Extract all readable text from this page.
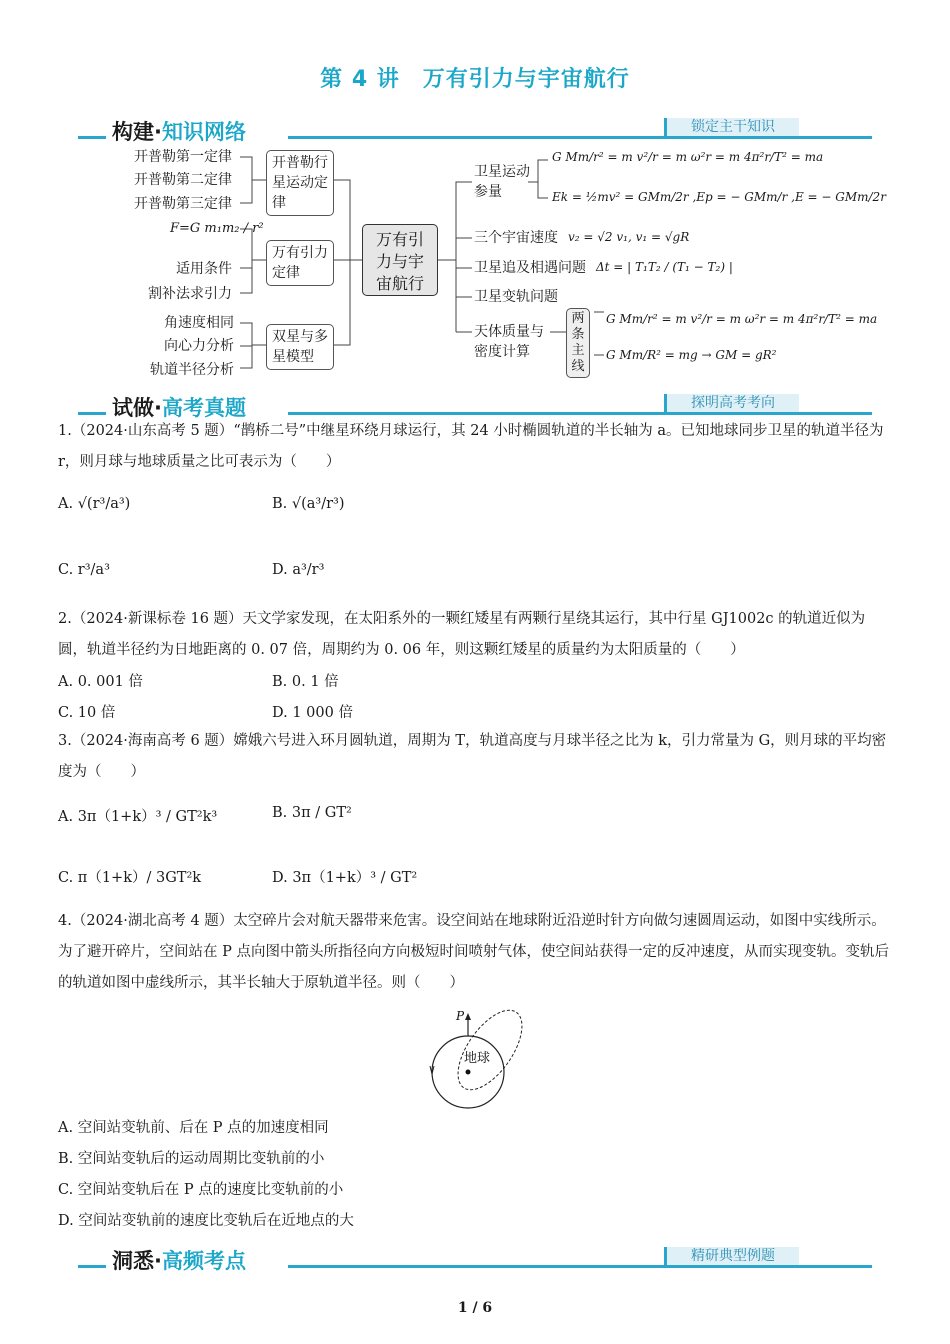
第 4 讲　万有引力与宇宙航行
构建·知识网络	锁定主干知识
开普勒第一定律
开普勒第二定律
开普勒第三定律
F=G m₁m₂ / r²
适用条件
割补法求引力
角速度相同
向心力分析
轨道半径分析
开普勒行星运动定律
万有引力定律
双星与多星模型
万有引力与宇宙航行
卫星运动参量
G Mm/r² = m v²/r = m ω²r = m 4π²r/T² = ma
Ek = ½mv² = GMm/2r ,Ep = − GMm/r ,E = − GMm/2r
三个宇宙速度 v₂ = √2 v₁, v₁ = √gR
卫星追及相遇问题 Δt = | T₁T₂ / (T₁ − T₂) |
卫星变轨问题
天体质量与密度计算
两条主线
G Mm/r² = m v²/r = m ω²r = m 4π²r/T² = ma
G Mm/R² = mg → GM = gR²
试做·高考真题	探明高考考向
1.（2024·山东高考 5 题）“鹊桥二号”中继星环绕月球运行，其 24 小时椭圆轨道的半长轴为 a。已知地球同步卫星的轨道半径为 r，则月球与地球质量之比可表示为（　　）
A. √(r³/a³)	B. √(a³/r³)
C. r³/a³	D. a³/r³
2.（2024·新课标卷 16 题）天文学家发现，在太阳系外的一颗红矮星有两颗行星绕其运行，其中行星 GJ1002c 的轨道近似为圆，轨道半径约为日地距离的 0. 07 倍，周期约为 0. 06 年，则这颗红矮星的质量约为太阳质量的（　　）
A. 0. 001 倍	B. 0. 1 倍
C. 10 倍	D. 1 000 倍
3.（2024·海南高考 6 题）嫦娥六号进入环月圆轨道，周期为 T，轨道高度与月球半径之比为 k，引力常量为 G，则月球的平均密度为（　　）
A. 3π（1+k）³ / GT²k³	B. 3π / GT²
C. π（1+k）/ 3GT²k	D. 3π（1+k）³ / GT²
4.（2024·湖北高考 4 题）太空碎片会对航天器带来危害。设空间站在地球附近沿逆时针方向做匀速圆周运动，如图中实线所示。为了避开碎片，空间站在 P 点向图中箭头所指径向方向极短时间喷射气体，使空间站获得一定的反冲速度，从而实现变轨。变轨后的轨道如图中虚线所示，其半长轴大于原轨道半径。则（　　）
P
地球
A. 空间站变轨前、后在 P 点的加速度相同
B. 空间站变轨后的运动周期比变轨前的小
C. 空间站变轨后在 P 点的速度比变轨前的小
D. 空间站变轨前的速度比变轨后在近地点的大
洞悉·高频考点	精研典型例题
1 / 6
